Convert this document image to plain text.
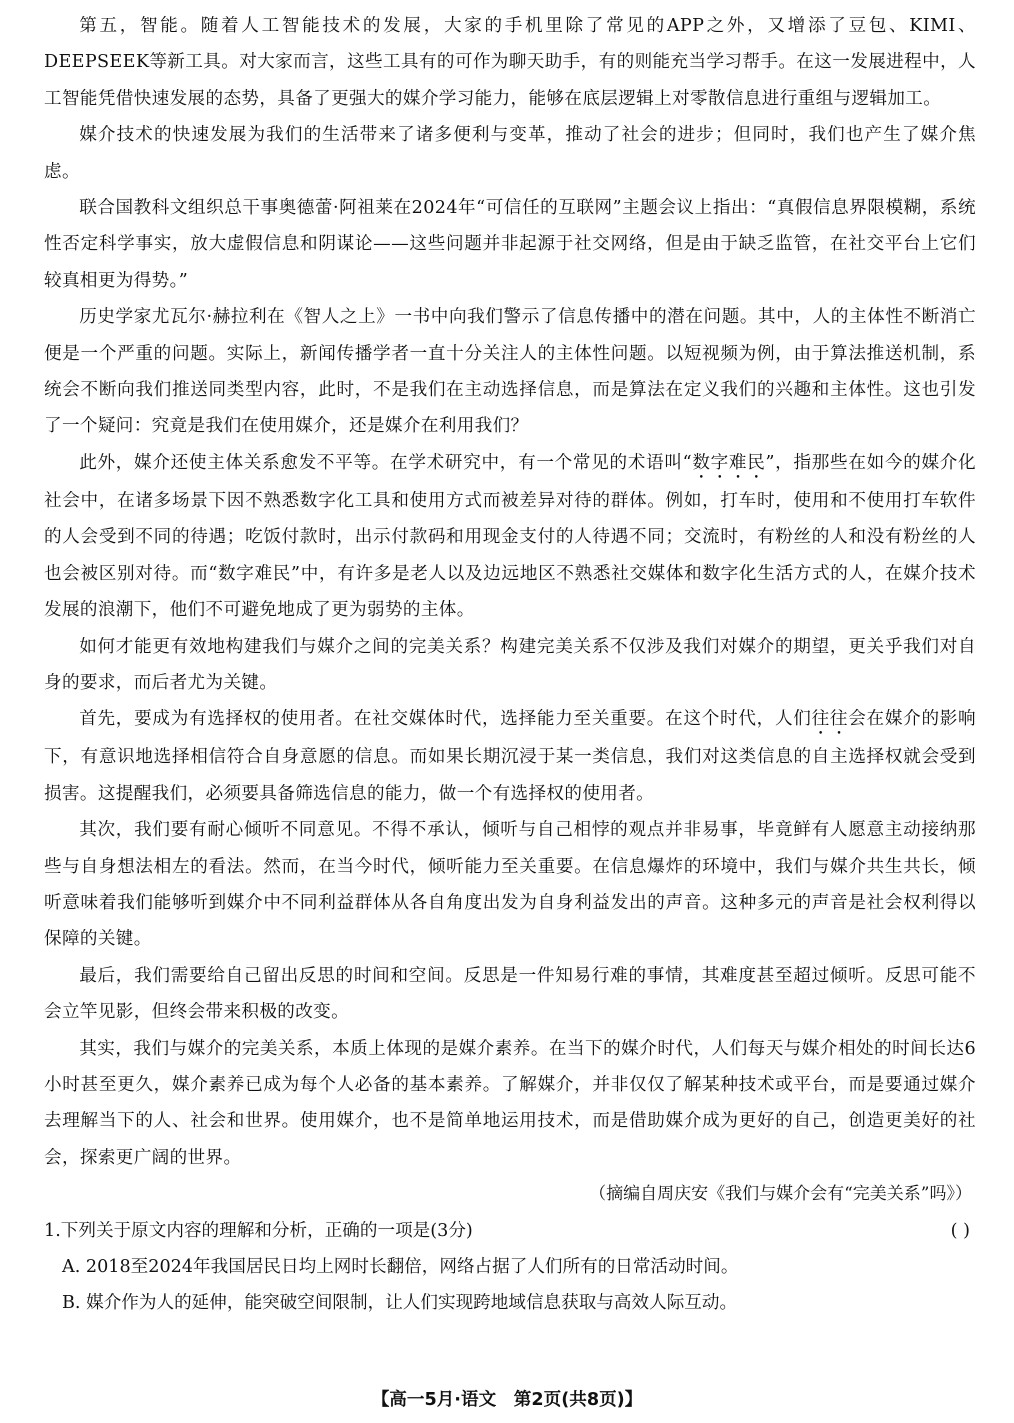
第五，智能。随着人工智能技术的发展，大家的手机里除了常见的APP之外，又增添了豆包、KIMI、DEEPSEEK等新工具。对大家而言，这些工具有的可作为聊天助手，有的则能充当学习帮手。在这一发展进程中，人工智能凭借快速发展的态势，具备了更强大的媒介学习能力，能够在底层逻辑上对零散信息进行重组与逻辑加工。

媒介技术的快速发展为我们的生活带来了诸多便利与变革，推动了社会的进步；但同时，我们也产生了媒介焦虑。

联合国教科文组织总干事奥德蕾·阿祖莱在2024年“可信任的互联网”主题会议上指出：“真假信息界限模糊，系统性否定科学事实，放大虚假信息和阴谋论——这些问题并非起源于社交网络，但是由于缺乏监管，在社交平台上它们较真相更为得势。”

历史学家尤瓦尔·赫拉利在《智人之上》一书中向我们警示了信息传播中的潜在问题。其中，人的主体性不断消亡便是一个严重的问题。实际上，新闻传播学者一直十分关注人的主体性问题。以短视频为例，由于算法推送机制，系统会不断向我们推送同类型内容，此时，不是我们在主动选择信息，而是算法在定义我们的兴趣和主体性。这也引发了一个疑问：究竟是我们在使用媒介，还是媒介在利用我们？

此外，媒介还使主体关系愈发不平等。在学术研究中，有一个常见的术语叫“数字难民”，指那些在如今的媒介化社会中，在诸多场景下因不熟悉数字化工具和使用方式而被差异对待的群体。例如，打车时，使用和不使用打车软件的人会受到不同的待遇；吃饭付款时，出示付款码和用现金支付的人待遇不同；交流时，有粉丝的人和没有粉丝的人也会被区别对待。而“数字难民”中，有许多是老人以及边远地区不熟悉社交媒体和数字化生活方式的人，在媒介技术发展的浪潮下，他们不可避免地成了更为弱势的主体。

如何才能更有效地构建我们与媒介之间的完美关系？构建完美关系不仅涉及我们对媒介的期望，更关乎我们对自身的要求，而后者尤为关键。

首先，要成为有选择权的使用者。在社交媒体时代，选择能力至关重要。在这个时代，人们往往会在媒介的影响下，有意识地选择相信符合自身意愿的信息。而如果长期沉浸于某一类信息，我们对这类信息的自主选择权就会受到损害。这提醒我们，必须要具备筛选信息的能力，做一个有选择权的使用者。

其次，我们要有耐心倾听不同意见。不得不承认，倾听与自己相悖的观点并非易事，毕竟鲜有人愿意主动接纳那些与自身想法相左的看法。然而，在当今时代，倾听能力至关重要。在信息爆炸的环境中，我们与媒介共生共长，倾听意味着我们能够听到媒介中不同利益群体从各自角度出发为自身利益发出的声音。这种多元的声音是社会权利得以保障的关键。

最后，我们需要给自己留出反思的时间和空间。反思是一件知易行难的事情，其难度甚至超过倾听。反思可能不会立竿见影，但终会带来积极的改变。

其实，我们与媒介的完美关系，本质上体现的是媒介素养。在当下的媒介时代，人们每天与媒介相处的时间长达6小时甚至更久，媒介素养已成为每个人必备的基本素养。了解媒介，并非仅仅了解某种技术或平台，而是要通过媒介去理解当下的人、社会和世界。使用媒介，也不是简单地运用技术，而是借助媒介成为更好的自己，创造更美好的社会，探索更广阔的世界。

（摘编自周庆安《我们与媒介会有“完美关系”吗》）

1.下列关于原文内容的理解和分析，正确的一项是(3分)	( )

A. 2018至2024年我国居民日均上网时长翻倍，网络占据了人们所有的日常活动时间。

B. 媒介作为人的延伸，能突破空间限制，让人们实现跨地域信息获取与高效人际互动。

【高一5月·语文　第2页(共8页)】
